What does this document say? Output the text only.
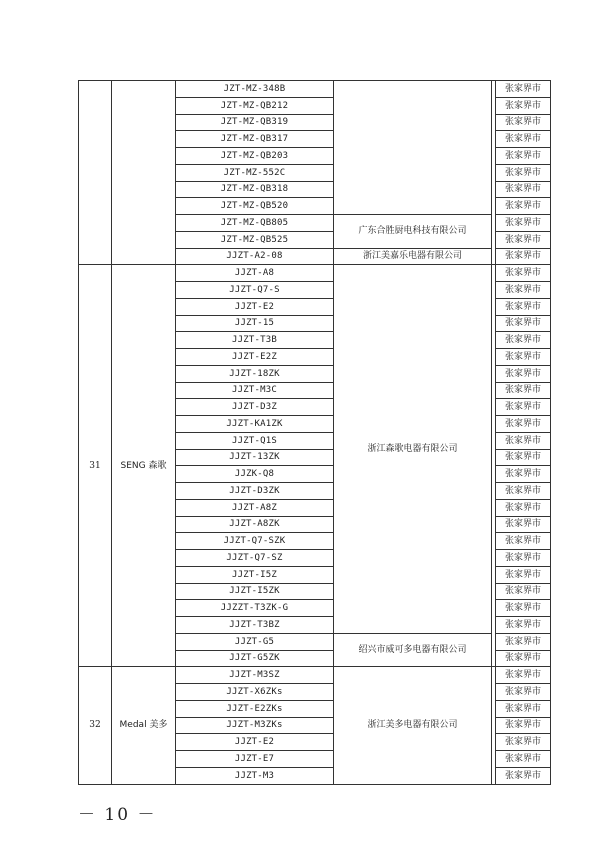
		JZT-MZ-348B			张家界市
		JZT-MZ-QB212			张家界市
		JZT-MZ-QB319			张家界市
		JZT-MZ-QB317			张家界市
		JZT-MZ-QB203			张家界市
		JZT-MZ-552C			张家界市
		JZT-MZ-QB318			张家界市
		JZT-MZ-QB520			张家界市
		JZT-MZ-QB805	广东合胜厨电科技有限公司		张家界市
		JZT-MZ-QB525			张家界市
		JJZT-A2-08	浙江美嘉乐电器有限公司		张家界市
31	SENG 森歌	JJZT-A8	浙江森歌电器有限公司		张家界市
		JJZT-Q7-S			张家界市
		JJZT-E2			张家界市
		JJZT-15			张家界市
		JJZT-T3B			张家界市
		JJZT-E2Z			张家界市
		JJZT-18ZK			张家界市
		JJZT-M3C			张家界市
		JJZT-D3Z			张家界市
		JJZT-KA1ZK			张家界市
		JJZT-Q1S			张家界市
		JJZT-13ZK			张家界市
		JJZK-Q8			张家界市
		JJZT-D3ZK			张家界市
		JJZT-A8Z			张家界市
		JJZT-A8ZK			张家界市
		JJZT-Q7-SZK			张家界市
		JJZT-Q7-SZ			张家界市
		JJZT-I5Z			张家界市
		JJZT-I5ZK			张家界市
		JJZZT-T3ZK-G			张家界市
		JJZT-T3BZ			张家界市
		JJZT-G5	绍兴市威可多电器有限公司		张家界市
		JJZT-G5ZK			张家界市
32	Medal 美多	JJZT-M3SZ	浙江美多电器有限公司		张家界市
		JJZT-X6ZKs			张家界市
		JJZT-E2ZKs			张家界市
		JJZT-M3ZKs			张家界市
		JJZT-E2			张家界市
		JJZT-E7			张家界市
		JJZT-M3			张家界市
－ 10 －
